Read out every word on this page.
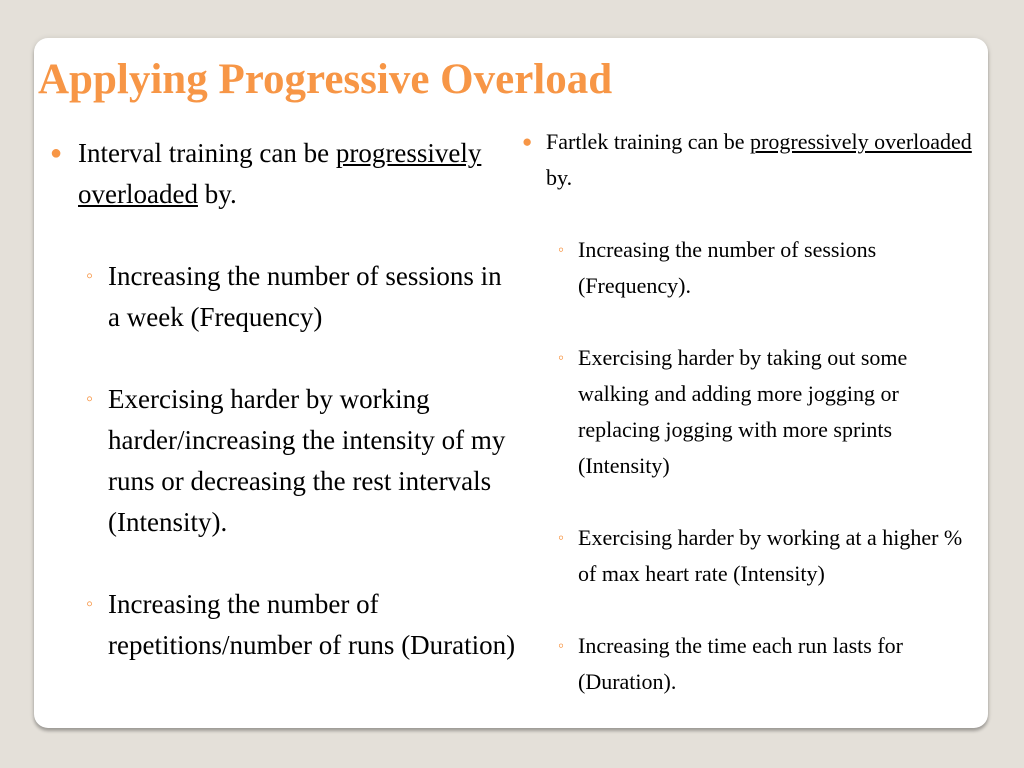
Applying Progressive Overload
● Interval training can be progressively overloaded by.
◦ Increasing the number of sessions in a week (Frequency)
◦ Exercising harder by working harder/increasing the intensity of my runs or decreasing the rest intervals (Intensity).
◦ Increasing the number of repetitions/number of runs (Duration)
● Fartlek training can be progressively overloaded by.
◦ Increasing the number of sessions (Frequency).
◦ Exercising harder by taking out some walking and adding more jogging or replacing jogging with more sprints (Intensity)
◦ Exercising harder by working at a higher % of max heart rate (Intensity)
◦ Increasing the time each run lasts for (Duration).
